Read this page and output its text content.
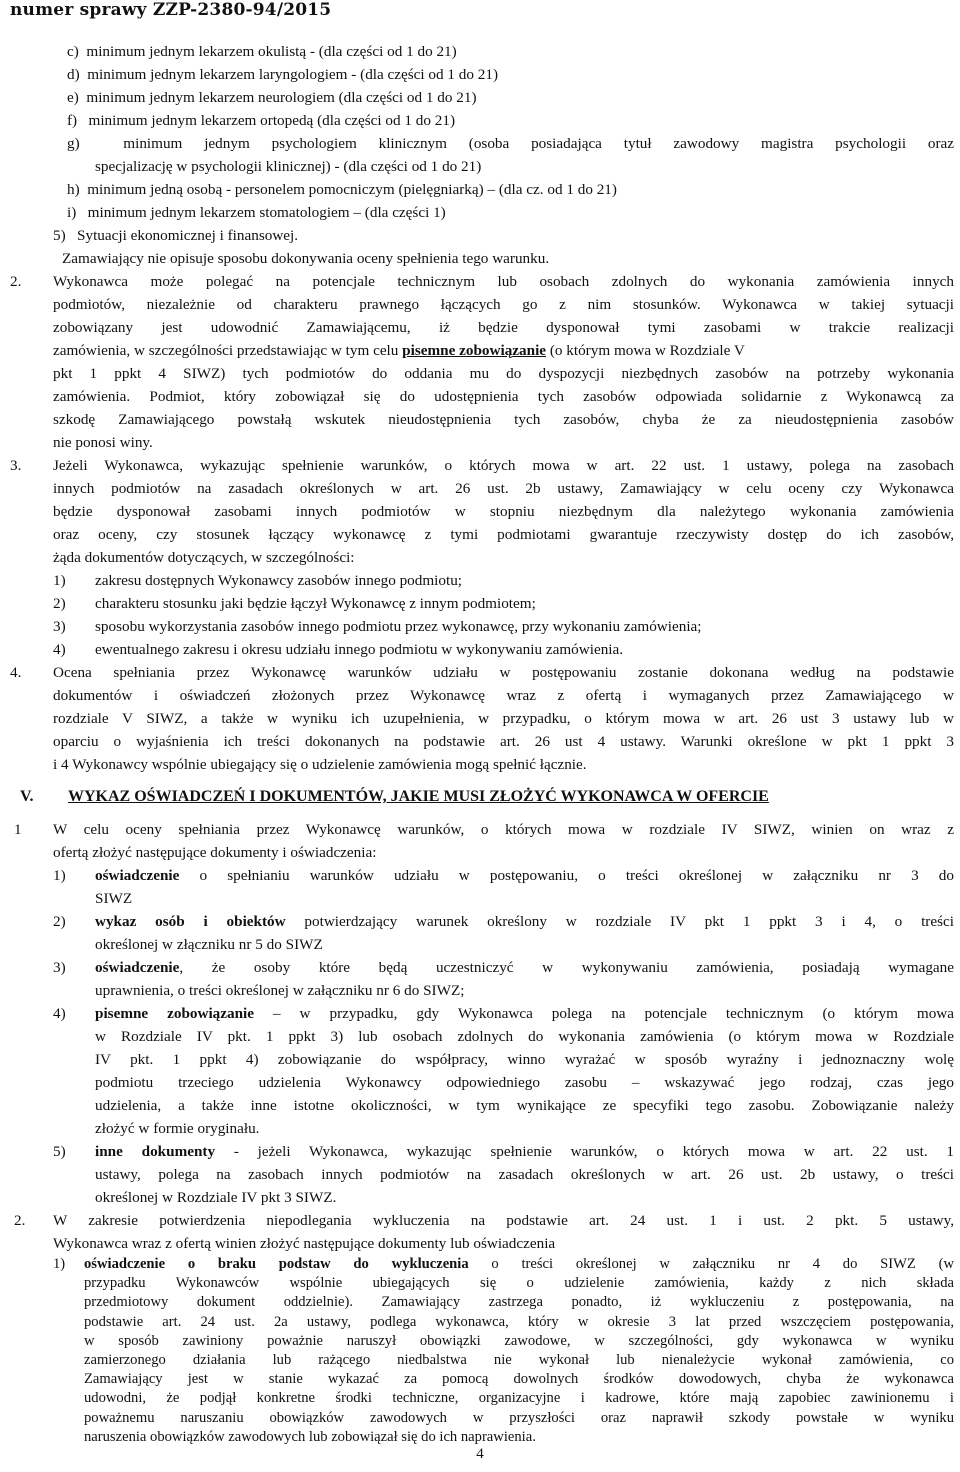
numer sprawy ZZP-2380-94/2015
c)  minimum jednym lekarzem okulistą - (dla części od 1 do 21)
d)  minimum jednym lekarzem laryngologiem - (dla części od 1 do 21)
e)  minimum jednym lekarzem neurologiem (dla części od 1 do 21)
f)   minimum jednym lekarzem ortopedą (dla części od 1 do 21)
g)  minimum jednym psychologiem klinicznym (osoba posiadająca tytuł zawodowy magistra psychologii oraz
specjalizację w psychologii klinicznej) - (dla części od 1 do 21)
h)  minimum jedną osobą - personelem pomocniczym (pielęgniarką) – (dla cz. od 1 do 21)
i)   minimum jednym lekarzem stomatologiem – (dla części 1)
5)   Sytuacji ekonomicznej i finansowej.
Zamawiający nie opisuje sposobu dokonywania oceny spełnienia tego warunku.
2. Wykonawca może polegać na potencjale technicznym lub osobach zdolnych do wykonania zamówienia innych
podmiotów, niezależnie od charakteru prawnego łączących go z nim stosunków. Wykonawca w takiej sytuacji
zobowiązany jest udowodnić Zamawiającemu, iż będzie dysponował tymi zasobami w trakcie realizacji
zamówienia, w szczególności przedstawiając w tym celu pisemne zobowiązanie (o którym mowa w Rozdziale V
pkt 1 ppkt 4 SIWZ) tych podmiotów do oddania mu do dyspozycji niezbędnych zasobów na potrzeby wykonania
zamówienia. Podmiot, który zobowiązał się do udostępnienia tych zasobów odpowiada solidarnie z Wykonawcą za
szkodę Zamawiającego powstałą wskutek nieudostępnienia tych zasobów, chyba że za nieudostępnienia zasobów
nie ponosi winy.
3. Jeżeli Wykonawca, wykazując spełnienie warunków, o których mowa w art. 22 ust. 1 ustawy, polega na zasobach
innych podmiotów na zasadach określonych w art. 26 ust. 2b ustawy, Zamawiający w celu oceny czy Wykonawca
będzie dysponował zasobami innych podmiotów w stopniu niezbędnym dla należytego wykonania zamówienia
oraz oceny, czy stosunek łączący wykonawcę z tymi podmiotami gwarantuje rzeczywisty dostęp do ich zasobów,
żąda dokumentów dotyczących, w szczególności:
1) zakresu dostępnych Wykonawcy zasobów innego podmiotu;
2) charakteru stosunku jaki będzie łączył Wykonawcę z innym podmiotem;
3) sposobu wykorzystania zasobów innego podmiotu przez wykonawcę, przy wykonaniu zamówienia;
4) ewentualnego zakresu i okresu udziału innego podmiotu w wykonywaniu zamówienia.
4. Ocena spełniania przez Wykonawcę warunków udziału w postępowaniu zostanie dokonana według na podstawie
dokumentów i oświadczeń złożonych przez Wykonawcę wraz z ofertą i wymaganych przez Zamawiającego w
rozdziale V SIWZ, a także w wyniku ich uzupełnienia, w przypadku, o którym mowa w art. 26 ust 3 ustawy lub w
oparciu o wyjaśnienia ich treści dokonanych na podstawie art. 26 ust 4 ustawy. Warunki określone w pkt 1 ppkt 3
i 4 Wykonawcy wspólnie ubiegający się o udzielenie zamówienia mogą spełnić łącznie.
V. WYKAZ OŚWIADCZEŃ I DOKUMENTÓW, JAKIE MUSI ZŁOŻYĆ WYKONAWCA W OFERCIE
1 W celu oceny spełniania przez Wykonawcę warunków, o których mowa w rozdziale IV SIWZ, winien on wraz z
ofertą złożyć następujące dokumenty i oświadczenia:
1) oświadczenie o spełnianiu warunków udziału w postępowaniu, o treści określonej w załączniku nr 3 do
SIWZ
2) wykaz osób i obiektów potwierdzający warunek określony w rozdziale IV pkt 1 ppkt 3 i 4, o treści
określonej w złączniku nr 5 do SIWZ
3) oświadczenie, że osoby które będą uczestniczyć w wykonywaniu zamówienia, posiadają wymagane
uprawnienia, o treści określonej w załączniku nr 6 do SIWZ;
4) pisemne zobowiązanie – w przypadku, gdy Wykonawca polega na potencjale technicznym (o którym mowa
w Rozdziale IV pkt. 1 ppkt 3) lub osobach zdolnych do wykonania zamówienia (o którym mowa w Rozdziale
IV pkt. 1 ppkt 4) zobowiązanie do współpracy, winno wyrażać w sposób wyraźny i jednoznaczny wolę
podmiotu trzeciego udzielenia Wykonawcy odpowiedniego zasobu – wskazywać jego rodzaj, czas jego
udzielenia, a także inne istotne okoliczności, w tym wynikające ze specyfiki tego zasobu. Zobowiązanie należy
złożyć w formie oryginału.
5) inne dokumenty - jeżeli Wykonawca, wykazując spełnienie warunków, o których mowa w art. 22 ust. 1
ustawy, polega na zasobach innych podmiotów na zasadach określonych w art. 26 ust. 2b ustawy, o treści
określonej w Rozdziale IV pkt 3 SIWZ.
2. W zakresie potwierdzenia niepodlegania wykluczenia na podstawie art. 24 ust. 1 i ust. 2 pkt. 5 ustawy,
Wykonawca wraz z ofertą winien złożyć następujące dokumenty lub oświadczenia
1) oświadczenie o braku podstaw do wykluczenia o treści określonej w załączniku nr 4 do SIWZ (w
przypadku Wykonawców wspólnie ubiegających się o udzielenie zamówienia, każdy z nich składa
przedmiotowy dokument oddzielnie). Zamawiający zastrzega ponadto, iż wykluczeniu z postępowania, na
podstawie art. 24 ust. 2a ustawy, podlega wykonawca, który w okresie 3 lat przed wszczęciem postępowania,
w sposób zawiniony poważnie naruszył obowiązki zawodowe, w szczególności, gdy wykonawca w wyniku
zamierzonego działania lub rażącego niedbalstwa nie wykonał lub nienależycie wykonał zamówienia, co
Zamawiający jest w stanie wykazać za pomocą dowolnych środków dowodowych, chyba że wykonawca
udowodni, że podjął konkretne środki techniczne, organizacyjne i kadrowe, które mają zapobiec zawinionemu i
poważnemu naruszaniu obowiązków zawodowych w przyszłości oraz naprawił szkody powstałe w wyniku
naruszenia obowiązków zawodowych lub zobowiązał się do ich naprawienia.
4
